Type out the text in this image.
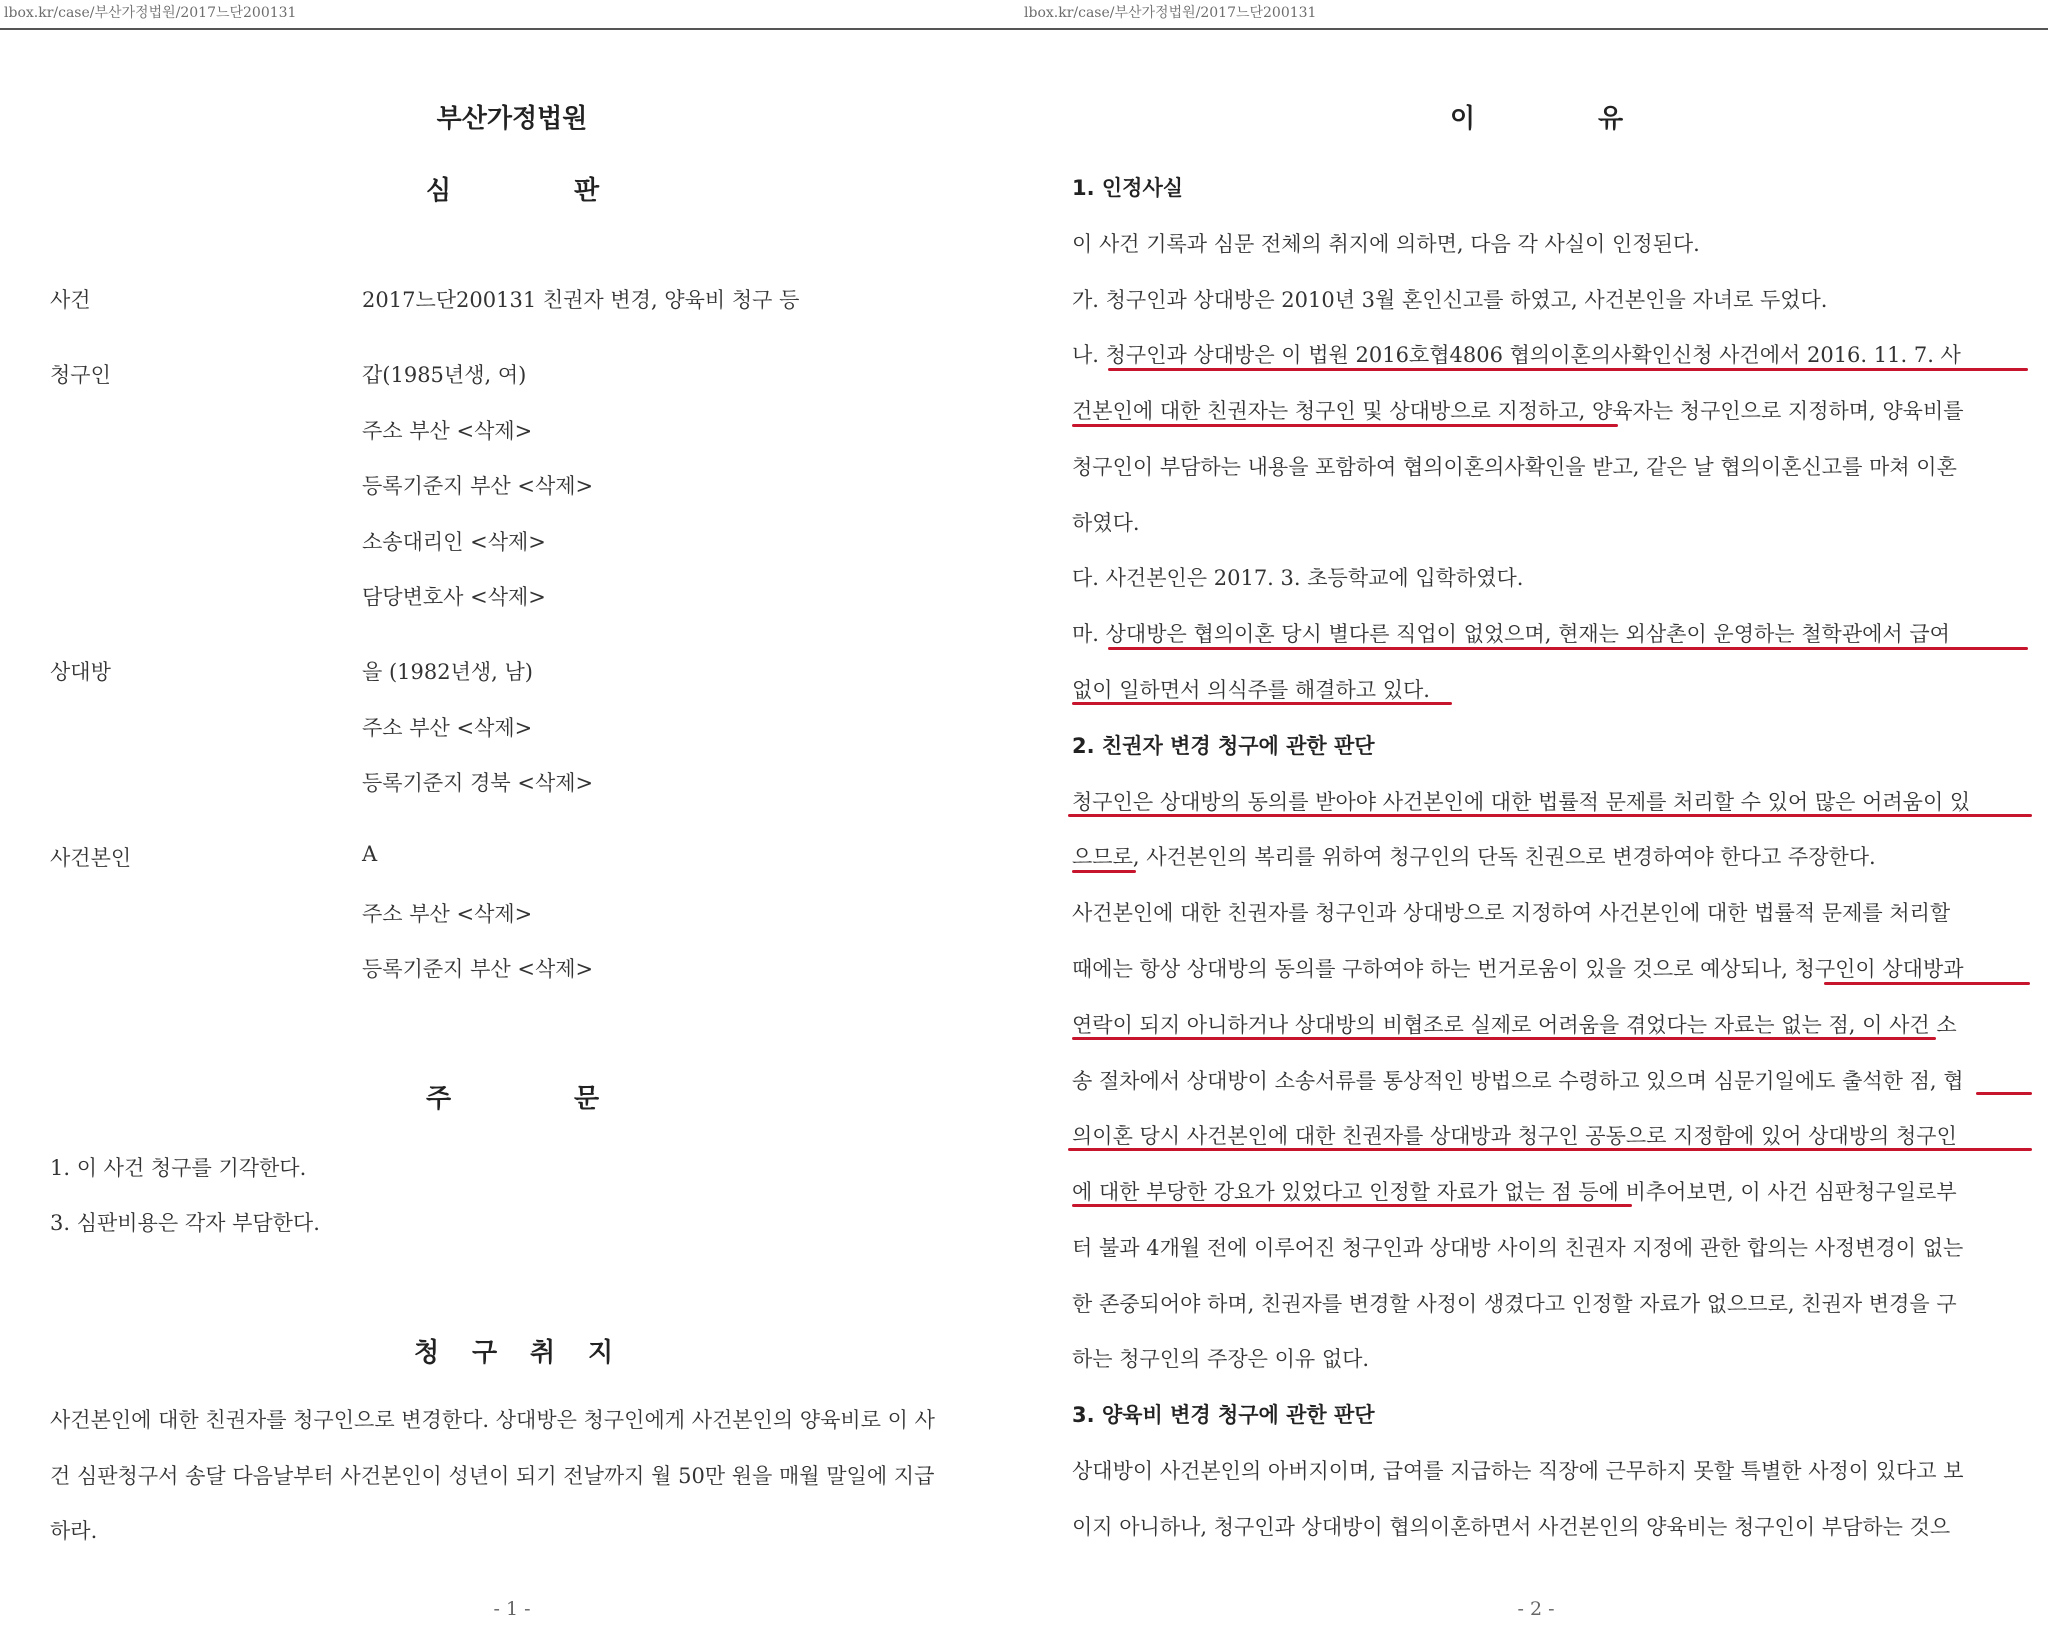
lbox.kr/case/부산가정법원/2017느단200131
부산가정법원
심	판
사건	2017느단200131 친권자 변경, 양육비 청구 등
청구인	갑(1985년생, 여)
주소 부산 <삭제>
등록기준지 부산 <삭제>
소송대리인 <삭제>
담당변호사 <삭제>
상대방	을 (1982년생, 남)
주소 부산 <삭제>
등록기준지 경북 <삭제>
사건본인	A
주소 부산 <삭제>
등록기준지 부산 <삭제>
주	문
1. 이 사건 청구를 기각한다.
3. 심판비용은 각자 부담한다.
청 구 취 지
사건본인에 대한 친권자를 청구인으로 변경한다. 상대방은 청구인에게 사건본인의 양육비로 이 사
건 심판청구서 송달 다음날부터 사건본인이 성년이 되기 전날까지 월 50만 원을 매월 말일에 지급
하라.
- 1 -
lbox.kr/case/부산가정법원/2017느단200131
이	유
1. 인정사실
이 사건 기록과 심문 전체의 취지에 의하면, 다음 각 사실이 인정된다.
가. 청구인과 상대방은 2010년 3월 혼인신고를 하였고, 사건본인을 자녀로 두었다.
나. 청구인과 상대방은 이 법원 2016호협4806 협의이혼의사확인신청 사건에서 2016. 11. 7. 사
건본인에 대한 친권자는 청구인 및 상대방으로 지정하고, 양육자는 청구인으로 지정하며, 양육비를
청구인이 부담하는 내용을 포함하여 협의이혼의사확인을 받고, 같은 날 협의이혼신고를 마쳐 이혼
하였다.
다. 사건본인은 2017. 3. 초등학교에 입학하였다.
마. 상대방은 협의이혼 당시 별다른 직업이 없었으며, 현재는 외삼촌이 운영하는 철학관에서 급여
없이 일하면서 의식주를 해결하고 있다.
2. 친권자 변경 청구에 관한 판단
청구인은 상대방의 동의를 받아야 사건본인에 대한 법률적 문제를 처리할 수 있어 많은 어려움이 있
으므로, 사건본인의 복리를 위하여 청구인의 단독 친권으로 변경하여야 한다고 주장한다.
사건본인에 대한 친권자를 청구인과 상대방으로 지정하여 사건본인에 대한 법률적 문제를 처리할
때에는 항상 상대방의 동의를 구하여야 하는 번거로움이 있을 것으로 예상되나, 청구인이 상대방과
연락이 되지 아니하거나 상대방의 비협조로 실제로 어려움을 겪었다는 자료는 없는 점, 이 사건 소
송 절차에서 상대방이 소송서류를 통상적인 방법으로 수령하고 있으며 심문기일에도 출석한 점, 협
의이혼 당시 사건본인에 대한 친권자를 상대방과 청구인 공동으로 지정함에 있어 상대방의 청구인
에 대한 부당한 강요가 있었다고 인정할 자료가 없는 점 등에 비추어보면, 이 사건 심판청구일로부
터 불과 4개월 전에 이루어진 청구인과 상대방 사이의 친권자 지정에 관한 합의는 사정변경이 없는
한 존중되어야 하며, 친권자를 변경할 사정이 생겼다고 인정할 자료가 없으므로, 친권자 변경을 구
하는 청구인의 주장은 이유 없다.
3. 양육비 변경 청구에 관한 판단
상대방이 사건본인의 아버지이며, 급여를 지급하는 직장에 근무하지 못할 특별한 사정이 있다고 보
이지 아니하나, 청구인과 상대방이 협의이혼하면서 사건본인의 양육비는 청구인이 부담하는 것으
- 2 -
